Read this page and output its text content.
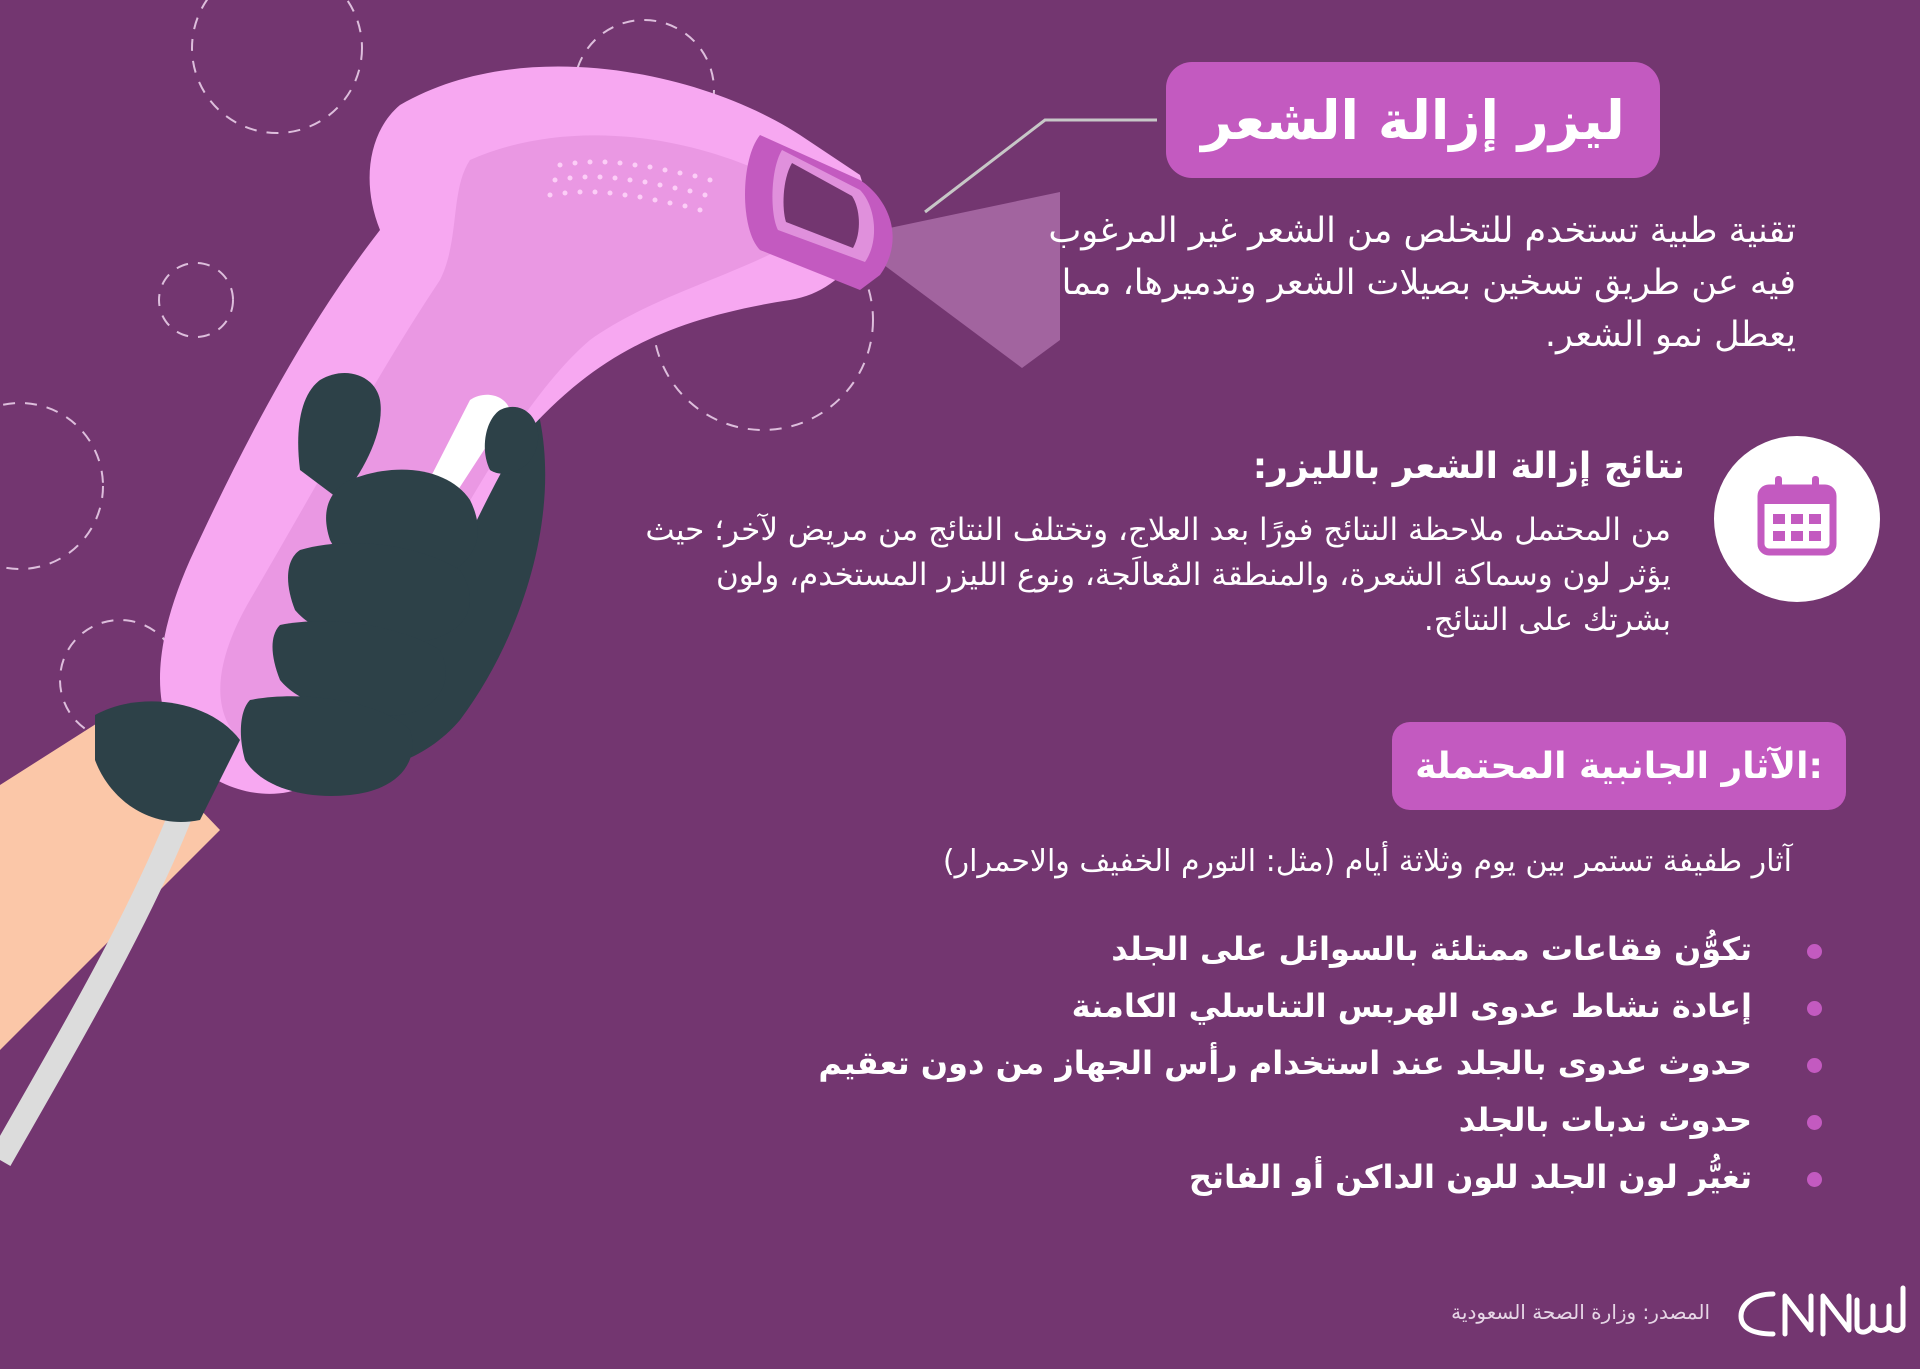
ليزر إزالة الشعر
تقنية طبية تستخدم للتخلص من الشعر غير المرغوب فيه عن طريق تسخين بصيلات الشعر وتدميرها، مما يعطل نمو الشعر.
نتائج إزالة الشعر بالليزر:
من المحتمل ملاحظة النتائج فورًا بعد العلاج، وتختلف النتائج من مريض لآخر؛ حيث يؤثر لون وسماكة الشعرة، والمنطقة المُعالَجة، ونوع الليزر المستخدم، ولون بشرتك على النتائج.
الآثار الجانبية المحتملة:
آثار طفيفة تستمر بين يوم وثلاثة أيام (مثل: التورم الخفيف والاحمرار)
تكوُّن فقاعات ممتلئة بالسوائل على الجلد
إعادة نشاط عدوى الهربس التناسلي الكامنة
حدوث عدوى بالجلد عند استخدام رأس الجهاز من دون تعقيم
حدوث ندبات بالجلد
تغيُّر لون الجلد للون الداكن أو الفاتح
المصدر: وزارة الصحة السعودية
